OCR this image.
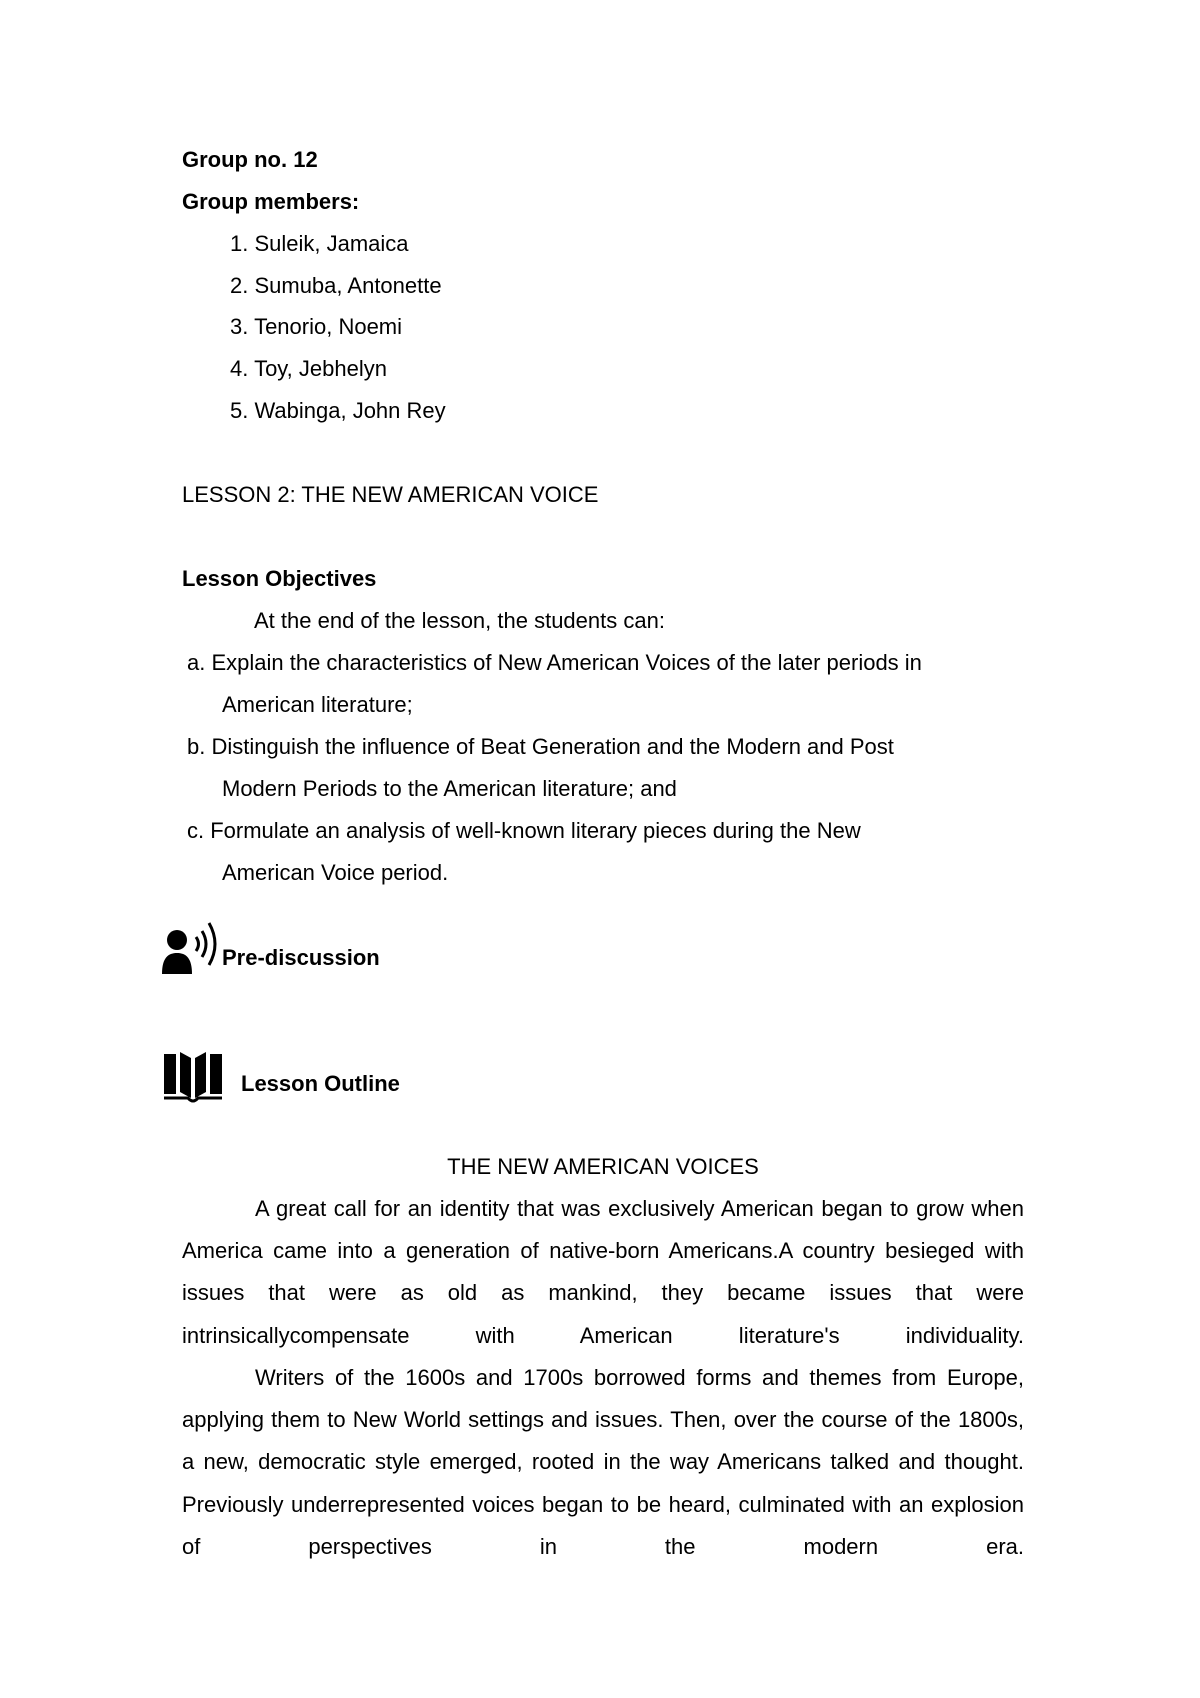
Group no. 12
Group members:
1. Suleik, Jamaica
2. Sumuba, Antonette
3. Tenorio, Noemi
4. Toy, Jebhelyn
5. Wabinga, John Rey
LESSON 2: THE NEW AMERICAN VOICE
Lesson Objectives
At the end of the lesson, the students can:
a. Explain the characteristics of New American Voices of the later periods in
American literature;
b. Distinguish the influence of Beat Generation and the Modern and Post
Modern Periods to the American literature; and
c. Formulate an analysis of well-known literary pieces during the New
American Voice period.
Pre-discussion
Lesson Outline
THE NEW AMERICAN VOICES
A great call for an identity that was exclusively American began to grow when America came into a generation of native-born Americans.A country besieged with issues that were as old as mankind, they became issues that were intrinsicallycompensate with American literature's individuality.
Writers of the 1600s and 1700s borrowed forms and themes from Europe, applying them to New World settings and issues. Then, over the course of the 1800s, a new, democratic style emerged, rooted in the way Americans talked and thought. Previously underrepresented voices began to be heard, culminated with an explosion of perspectives in the modern era.
